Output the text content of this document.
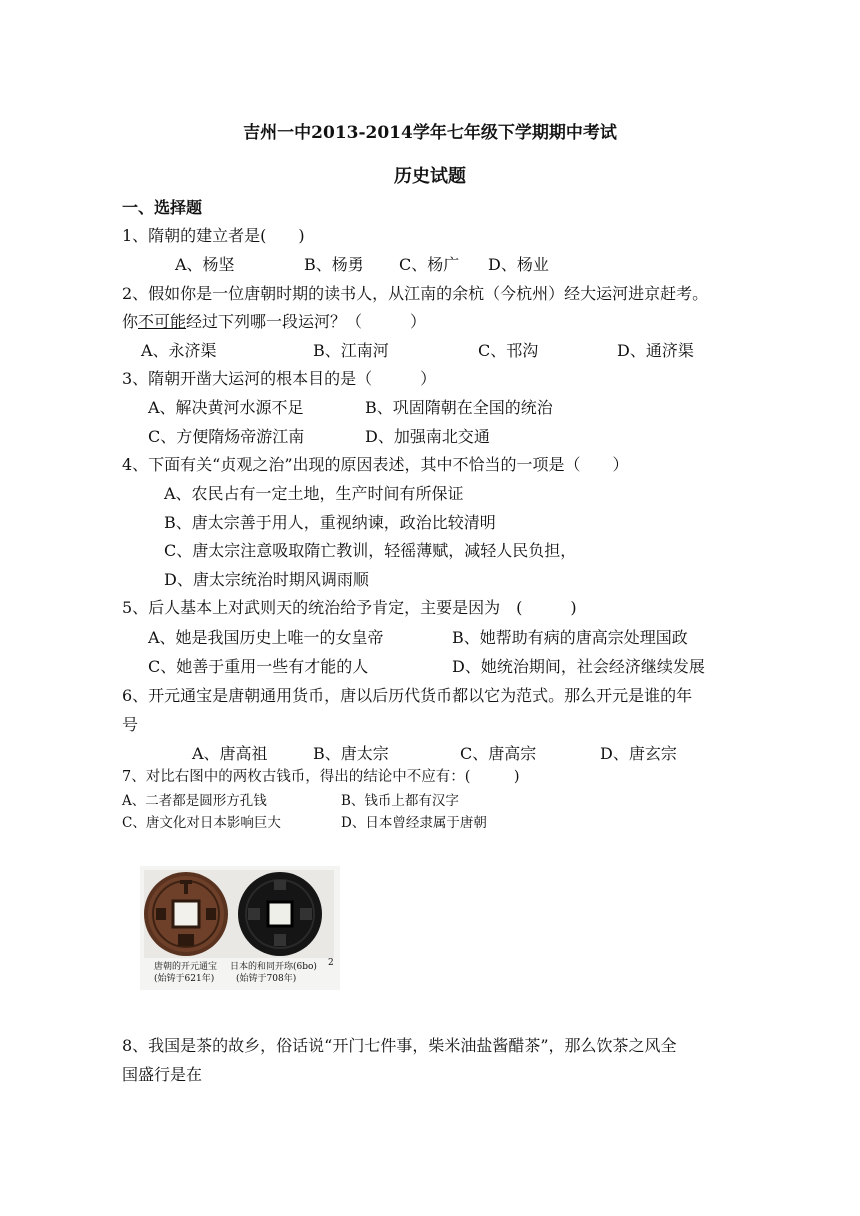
吉州一中2013-2014学年七年级下学期期中考试
历史试题
一、选择题
1、隋朝的建立者是(　　)
A、杨坚	B、杨勇 C、杨广 D、杨业
2、假如你是一位唐朝时期的读书人，从江南的余杭（今杭州）经大运河进京赶考。
你不可能经过下列哪一段运河？（　　　）
A、永济渠	B、江南河	C、邗沟	D、通济渠
3、隋朝开凿大运河的根本目的是（　　　）
A、解决黄河水源不足	B、巩固隋朝在全国的统治
C、方便隋炀帝游江南	D、加强南北交通
4、下面有关“贞观之治”出现的原因表述，其中不恰当的一项是（　　）
A、农民占有一定土地，生产时间有所保证
B、唐太宗善于用人，重视纳谏，政治比较清明
C、唐太宗注意吸取隋亡教训，轻徭薄赋，减轻人民负担，
D、唐太宗统治时期风调雨顺
5、后人基本上对武则天的统治给予肯定，主要是因为　(　　　)
A、她是我国历史上唯一的女皇帝	B、她帮助有病的唐高宗处理国政
C、她善于重用一些有才能的人	D、她统治期间，社会经济继续发展
6、开元通宝是唐朝通用货币，唐以后历代货币都以它为范式。那么开元是谁的年
号
A、唐高祖	B、唐太宗	C、唐高宗	D、唐玄宗
7、对比右图中的两枚古钱币，得出的结论中不应有：(　　　)
A、二者都是圆形方孔钱	B、钱币上都有汉字
C、唐文化对日本影响巨大	D、日本曾经隶属于唐朝
唐朝的开元通宝
(始铸于621年)
日本的和同开珎(6bo)
(始铸于708年)
2
8、我国是茶的故乡，俗话说“开门七件事，柴米油盐酱醋茶”，那么饮茶之风全
国盛行是在
